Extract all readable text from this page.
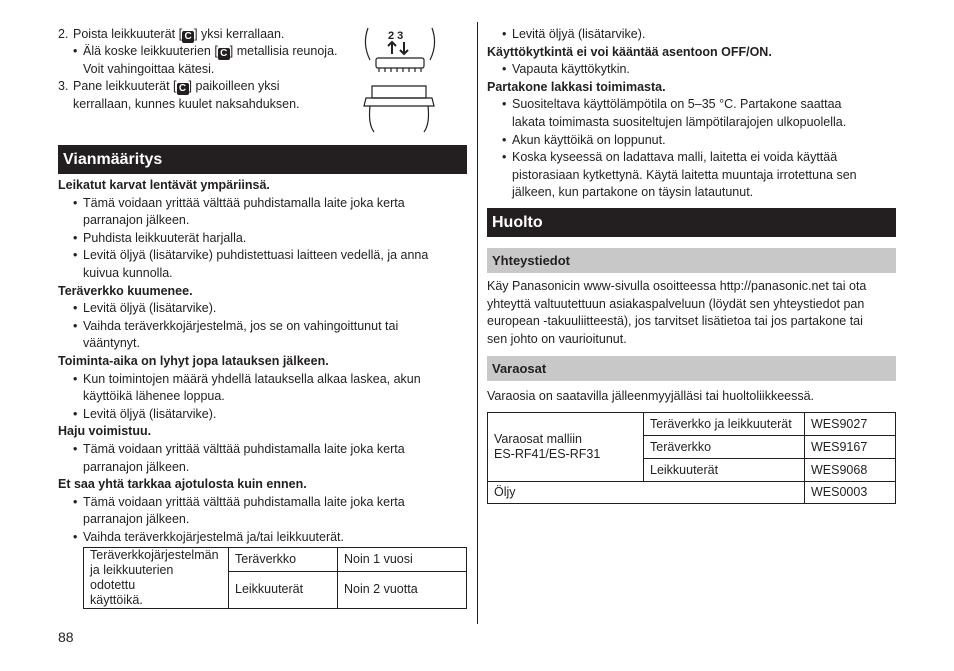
2. Poista leikkuuterät [ C ] yksi kerrallaan.
• Älä koske leikkuuterien [ C ] metallisia reunoja.
Voit vahingoittaa kätesi.
3. Pane leikkuuterät [ C ] paikoilleen yksi
kerrallaan, kunnes kuulet naksahduksen.
2 3
Vianmääritys
Leikatut karvat lentävät ympäriinsä.
• Tämä voidaan yrittää välttää puhdistamalla laite joka kerta
parranajon jälkeen.
• Puhdista leikkuuterät harjalla.
• Levitä öljyä (lisätarvike) puhdistettuasi laitteen vedellä, ja anna
kuivua kunnolla.
Teräverkko kuumenee.
• Levitä öljyä (lisätarvike).
• Vaihda teräverkkojärjestelmä, jos se on vahingoittunut tai
vääntynyt.
Toiminta-aika on lyhyt jopa latauksen jälkeen.
• Kun toimintojen määrä yhdellä latauksella alkaa laskea, akun
käyttöikä lähenee loppua.
• Levitä öljyä (lisätarvike).
Haju voimistuu.
• Tämä voidaan yrittää välttää puhdistamalla laite joka kerta
parranajon jälkeen.
Et saa yhtä tarkkaa ajotulosta kuin ennen.
• Tämä voidaan yrittää välttää puhdistamalla laite joka kerta
parranajon jälkeen.
• Vaihda teräverkkojärjestelmä ja/tai leikkuuterät.
Teräverkkojärjestelmän
ja leikkuuterien odotettu
käyttöikä.	Teräverkko	Noin 1 vuosi
	Leikkuuterät	Noin 2 vuotta
• Levitä öljyä (lisätarvike).
Käyttökytkintä ei voi kääntää asentoon OFF/ON.
• Vapauta käyttökytkin.
Partakone lakkasi toimimasta.
• Suositeltava käyttölämpötila on 5–35 °C. Partakone saattaa
lakata toimimasta suositeltujen lämpötilarajojen ulkopuolella.
• Akun käyttöikä on loppunut.
• Koska kyseessä on ladattava malli, laitetta ei voida käyttää
pistorasiaan kytkettynä. Käytä laitetta muuntaja irrotettuna sen
jälkeen, kun partakone on täysin latautunut.
Huolto
Yhteystiedot
Käy Panasonicin www-sivulla osoitteessa http://panasonic.net tai ota
yhteyttä valtuutettuun asiakaspalveluun (löydät sen yhteystiedot pan
european -takuuliitteestä), jos tarvitset lisätietoa tai jos partakone tai
sen johto on vaurioitunut.
Varaosat
Varaosia on saatavilla jälleenmyyjälläsi tai huoltoliikkeessä.
Varaosat malliin
ES-RF41/ES-RF31	Teräverkko ja leikkuuterät	WES9027
	Teräverkko	WES9167
	Leikkuuterät	WES9068
Öljy		WES0003
88
